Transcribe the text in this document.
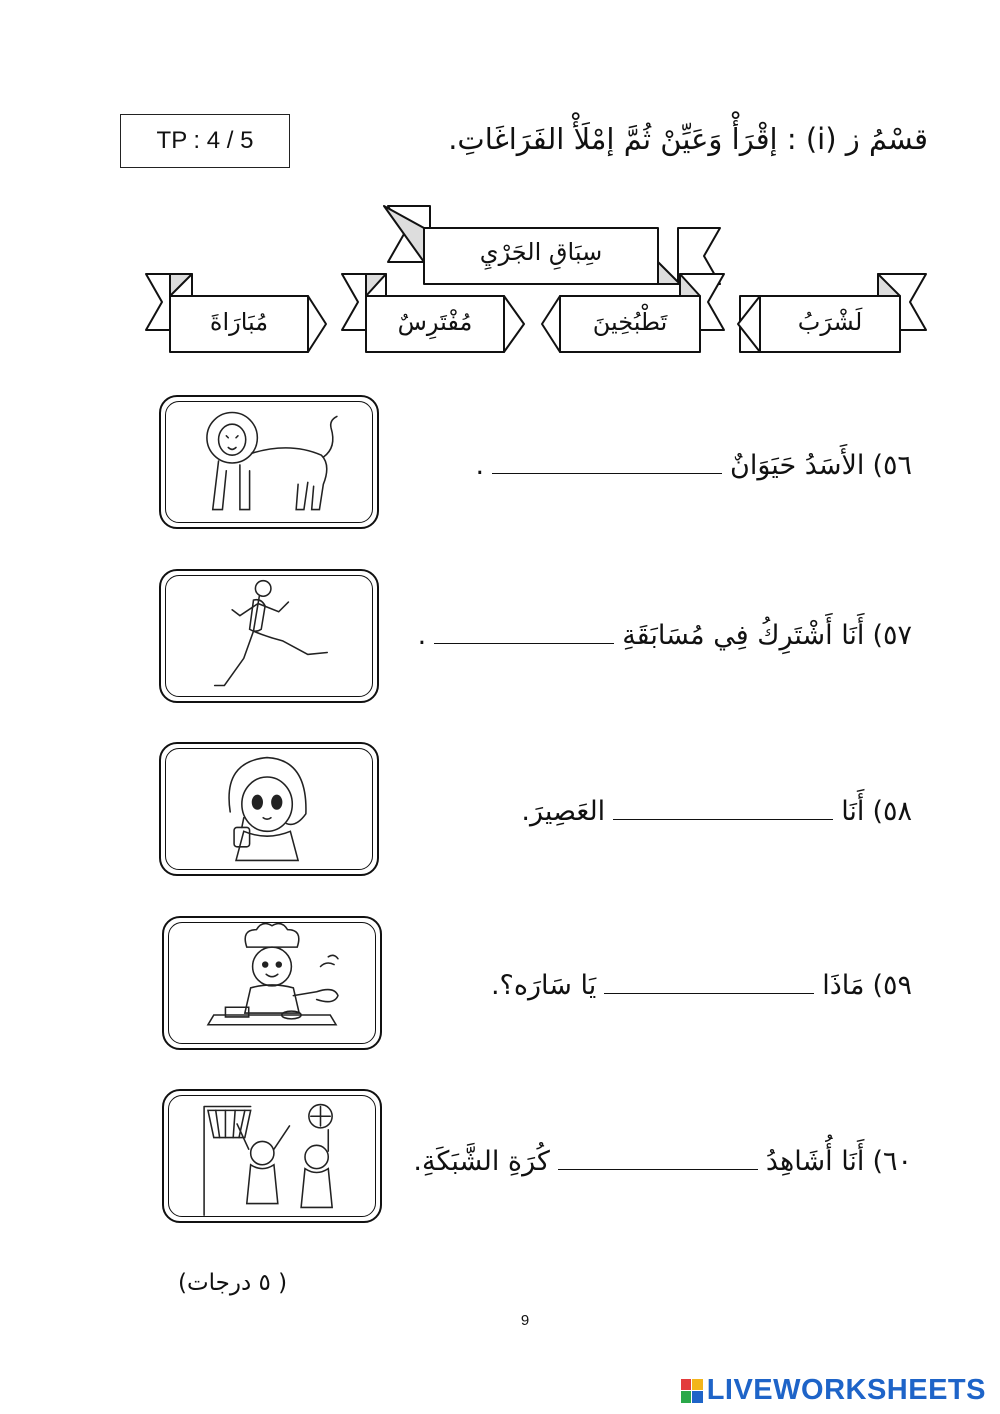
TP : 4 / 5	قسْمُ ز (i) : إقْرَأْ وَعَيِّنْ ثُمَّ إمْلَأْ الفَرَاغَاتِ.
سِبَاقِ الجَرْيِ
لَشْرَبُ
تَطْبُخِينَ
مُفْتَرِسٌ
مُبَارَاةَ
٥٦)
الأَسَدُ حَيَوَانٌ
.
٥٧)
أَنَا أَشْتَرِكُ فِي مُسَابَقَةِ
.
٥٨)
أَنَا
العَصِيرَ.
٥٩)
مَاذَا
يَا سَارَه؟.
٦٠)
أَنَا أُشَاهِدُ
كُرَةِ الشَّبَكَةِ.
( ٥ درجات)
9
LIVEWORKSHEETS
